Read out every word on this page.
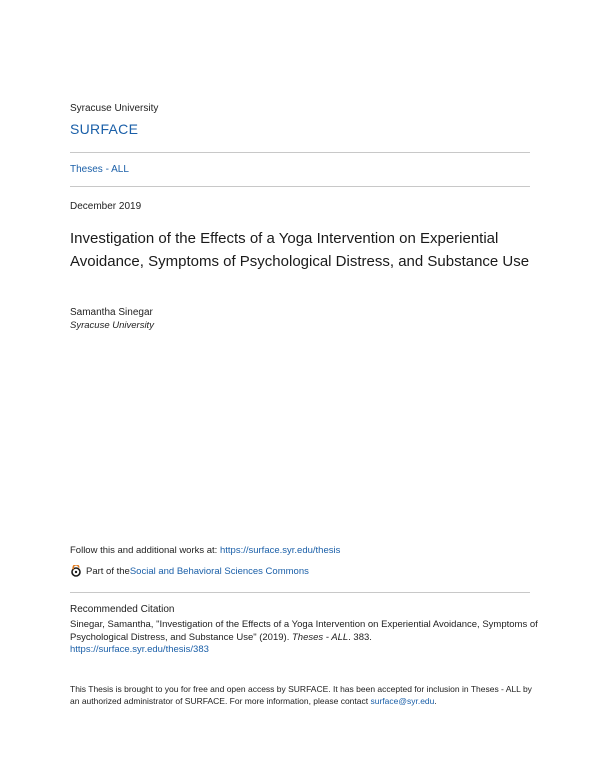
Syracuse University
SURFACE
Theses - ALL
December 2019
Investigation of the Effects of a Yoga Intervention on Experiential Avoidance, Symptoms of Psychological Distress, and Substance Use
Samantha Sinegar
Syracuse University
Follow this and additional works at: https://surface.syr.edu/thesis
Part of the Social and Behavioral Sciences Commons
Recommended Citation
Sinegar, Samantha, "Investigation of the Effects of a Yoga Intervention on Experiential Avoidance, Symptoms of Psychological Distress, and Substance Use" (2019). Theses - ALL. 383.
https://surface.syr.edu/thesis/383
This Thesis is brought to you for free and open access by SURFACE. It has been accepted for inclusion in Theses - ALL by an authorized administrator of SURFACE. For more information, please contact surface@syr.edu.
